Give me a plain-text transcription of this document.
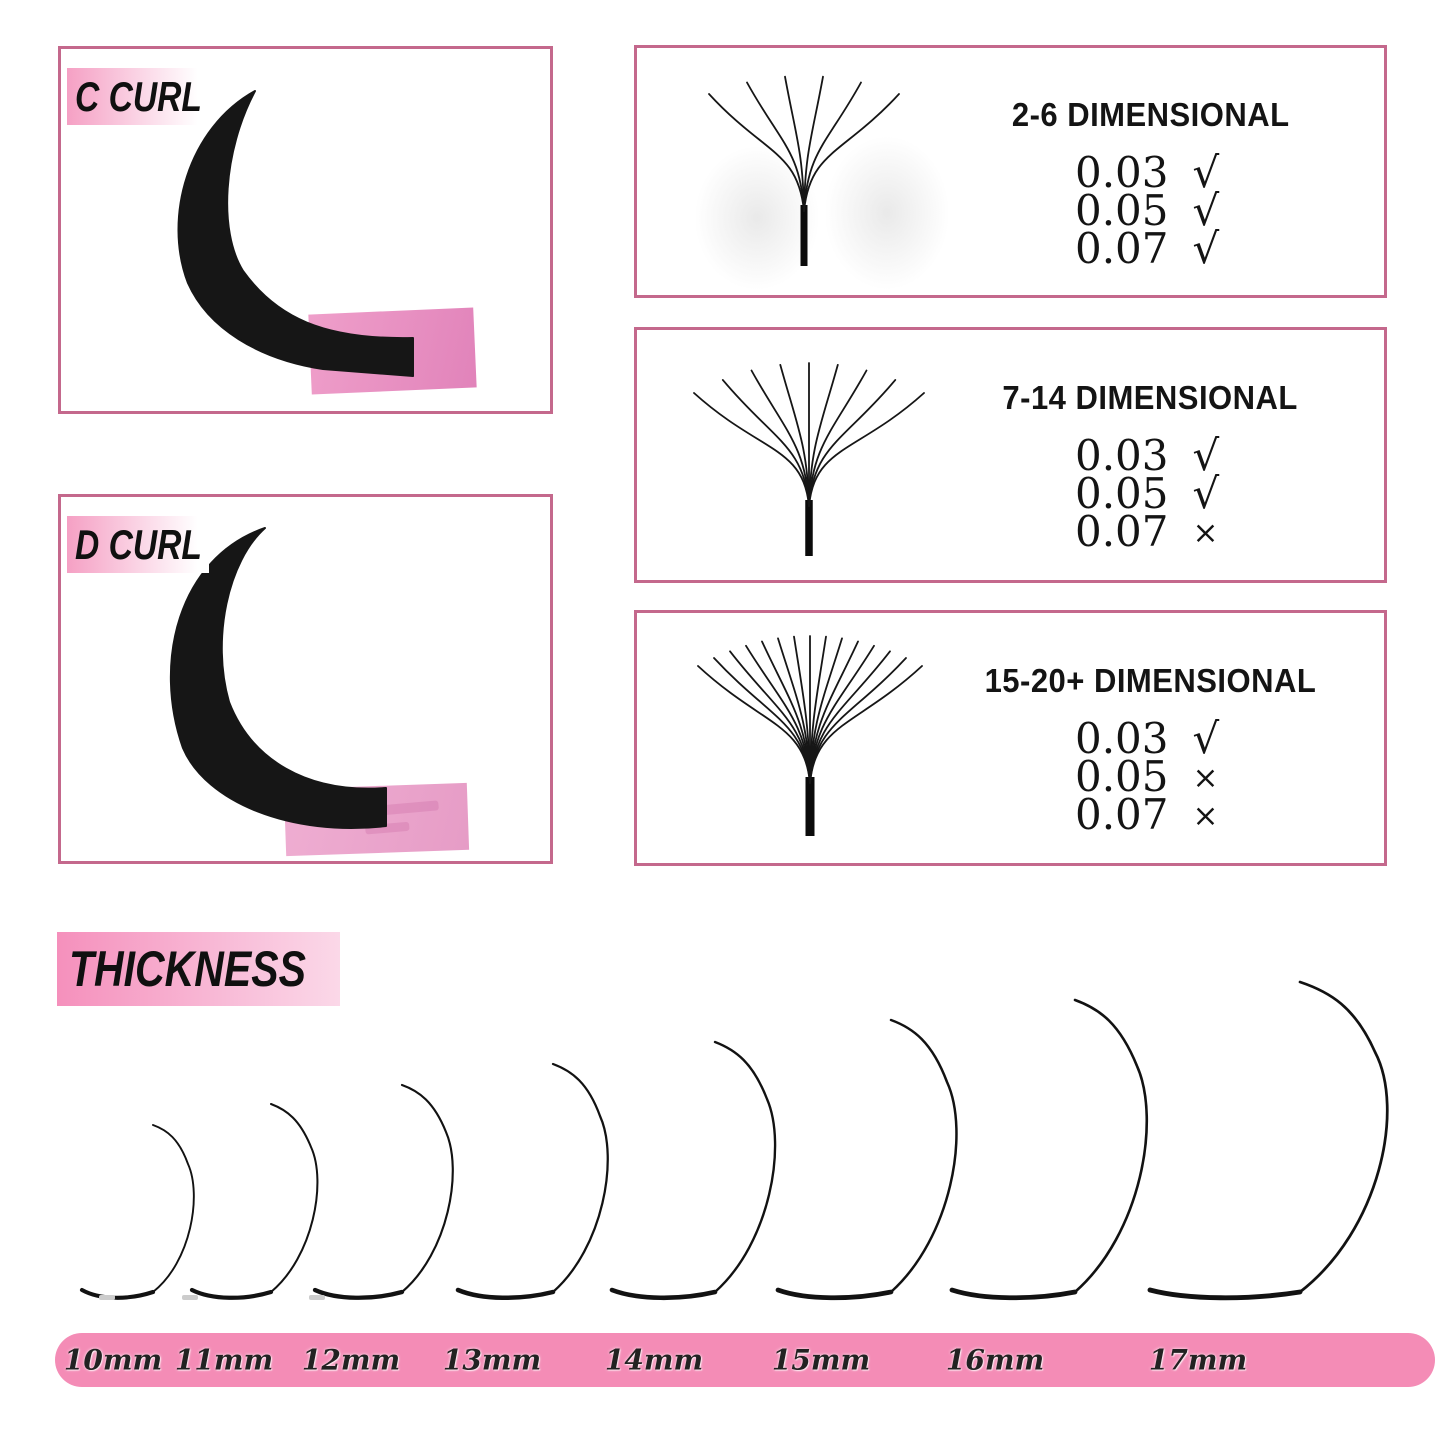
C CURL
D CURL
2-6 DIMENSIONAL
0.03 √
0.05 √
0.07 √
7-14 DIMENSIONAL
0.03 √
0.05 √
0.07 ×
15-20+ DIMENSIONAL
0.03 √
0.05 ×
0.07 ×
THICKNESS
10mm 11mm 12mm 13mm 14mm 15mm	16mm	17mm
